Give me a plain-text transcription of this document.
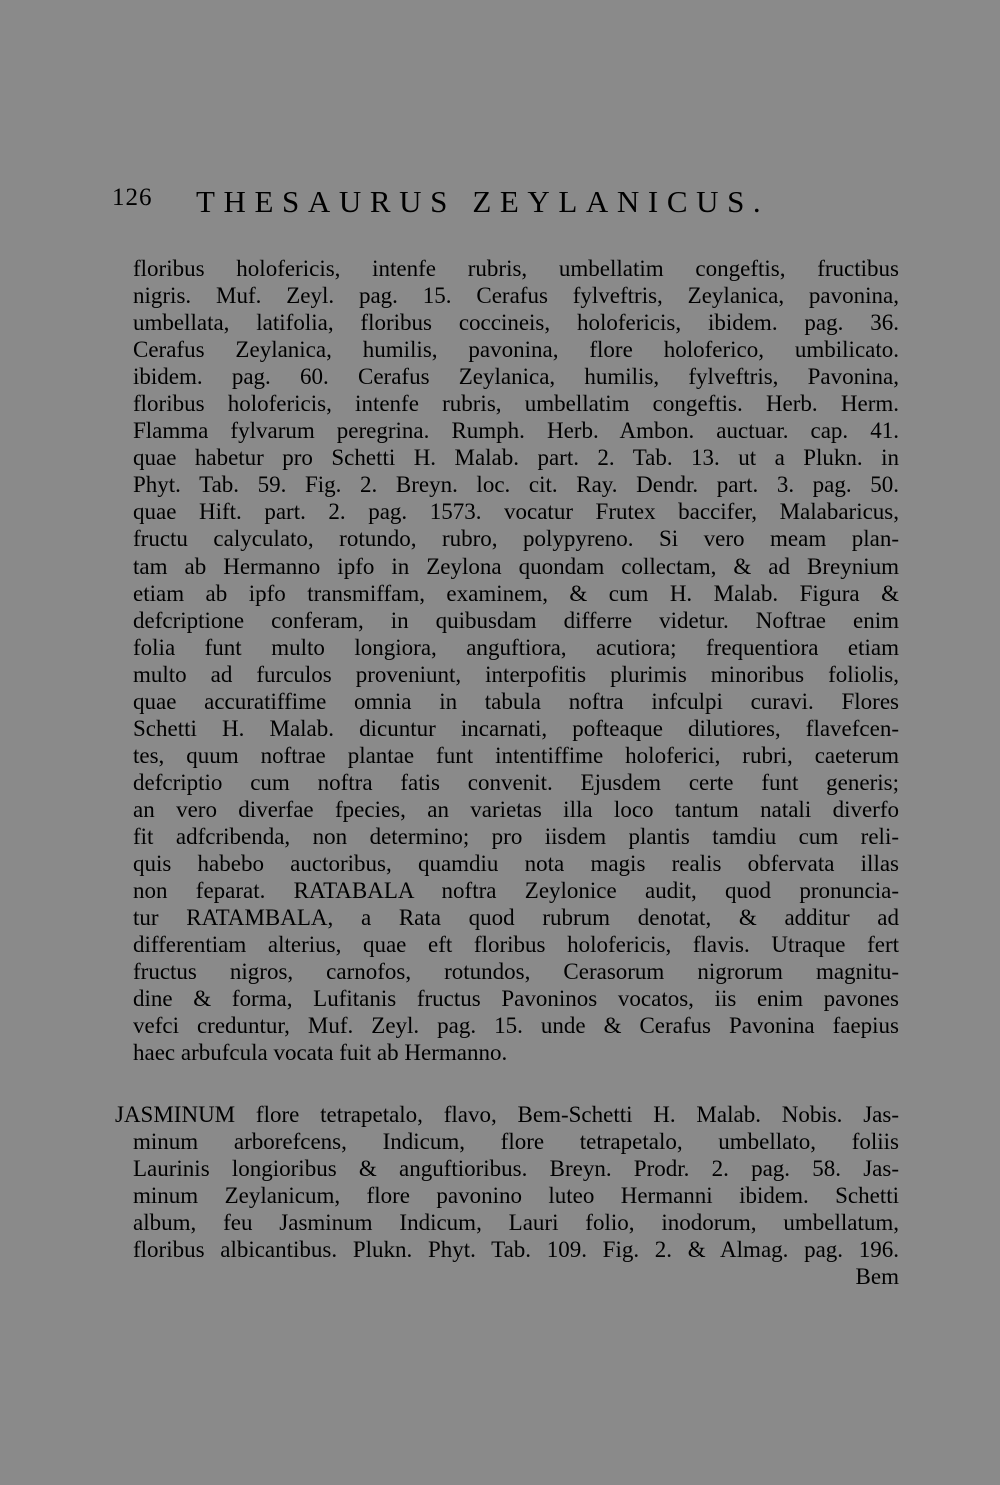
126 THESAURUS ZEYLANICUS.
floribus holofericis, intenfe rubris, umbellatim congeftis, fructibus
nigris. Muf. Zeyl. pag. 15. Cerafus fylveftris, Zeylanica, pavonina,
umbellata, latifolia, floribus coccineis, holofericis, ibidem. pag. 36.
Cerafus Zeylanica, humilis, pavonina, flore holoferico, umbilicato.
ibidem. pag. 60. Cerafus Zeylanica, humilis, fylveftris, Pavonina,
floribus holofericis, intenfe rubris, umbellatim congeftis. Herb. Herm.
Flamma fylvarum peregrina. Rumph. Herb. Ambon. auctuar. cap. 41.
quae habetur pro Schetti H. Malab. part. 2. Tab. 13. ut a Plukn. in
Phyt. Tab. 59. Fig. 2. Breyn. loc. cit. Ray. Dendr. part. 3. pag. 50.
quae Hift. part. 2. pag. 1573. vocatur Frutex baccifer, Malabaricus,
fructu calyculato, rotundo, rubro, polypyreno. Si vero meam plan-
tam ab Hermanno ipfo in Zeylona quondam collectam, & ad Breynium
etiam ab ipfo transmiffam, examinem, & cum H. Malab. Figura &
defcriptione conferam, in quibusdam differre videtur. Noftrae enim
folia funt multo longiora, anguftiora, acutiora; frequentiora etiam
multo ad furculos proveniunt, interpofitis plurimis minoribus foliolis,
quae accuratiffime omnia in tabula noftra infculpi curavi. Flores
Schetti H. Malab. dicuntur incarnati, pofteaque dilutiores, flavefcen-
tes, quum noftrae plantae funt intentiffime holoferici, rubri, caeterum
defcriptio cum noftra fatis convenit. Ejusdem certe funt generis;
an vero diverfae fpecies, an varietas illa loco tantum natali diverfo
fit adfcribenda, non determino; pro iisdem plantis tamdiu cum reli-
quis habebo auctoribus, quamdiu nota magis realis obfervata illas
non feparat. RATABALA noftra Zeylonice audit, quod pronuncia-
tur RATAMBALA, a Rata quod rubrum denotat, & additur ad
differentiam alterius, quae eft floribus holofericis, flavis. Utraque fert
fructus nigros, carnofos, rotundos, Cerasorum nigrorum magnitu-
dine & forma, Lufitanis fructus Pavoninos vocatos, iis enim pavones
vefci creduntur, Muf. Zeyl. pag. 15. unde & Cerafus Pavonina faepius
haec arbufcula vocata fuit ab Hermanno.
JASMINUM flore tetrapetalo, flavo, Bem-Schetti H. Malab. Nobis. Jas-
minum arborefcens, Indicum, flore tetrapetalo, umbellato, foliis
Laurinis longioribus & anguftioribus. Breyn. Prodr. 2. pag. 58. Jas-
minum Zeylanicum, flore pavonino luteo Hermanni ibidem. Schetti
album, feu Jasminum Indicum, Lauri folio, inodorum, umbellatum,
floribus albicantibus. Plukn. Phyt. Tab. 109. Fig. 2. & Almag. pag. 196.
Bem
